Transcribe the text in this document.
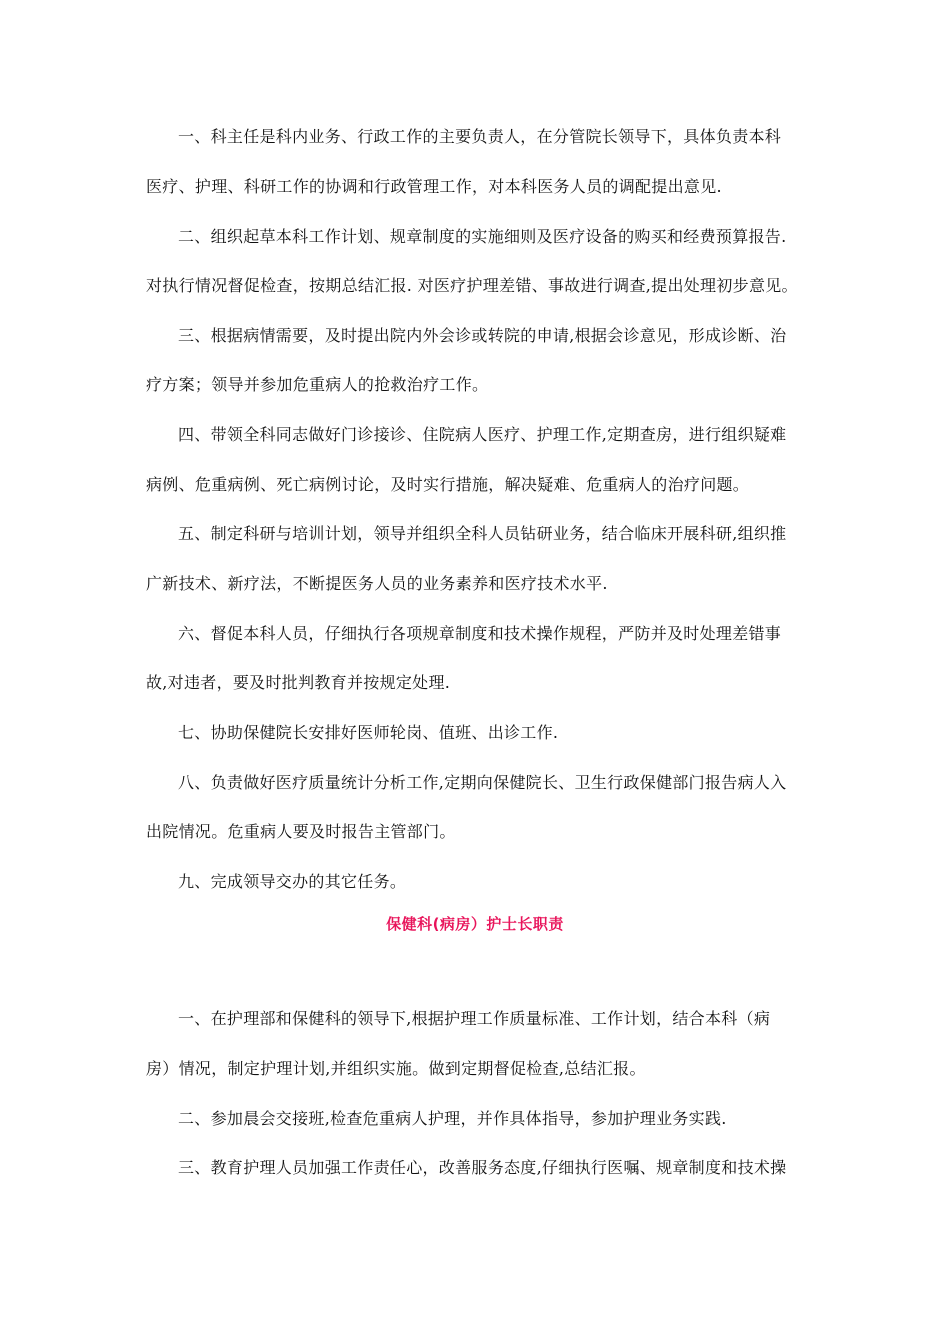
一、科主任是科内业务、行政工作的主要负责人，在分管院长领导下，具体负责本科
医疗、护理、科研工作的协调和行政管理工作，对本科医务人员的调配提出意见.
二、组织起草本科工作计划、规章制度的实施细则及医疗设备的购买和经费预算报告.
对执行情况督促检查，按期总结汇报. 对医疗护理差错、事故进行调查,提出处理初步意见。
三、根据病情需要，及时提出院内外会诊或转院的申请,根据会诊意见，形成诊断、治
疗方案；领导并参加危重病人的抢救治疗工作。
四、带领全科同志做好门诊接诊、住院病人医疗、护理工作,定期查房，进行组织疑难
病例、危重病例、死亡病例讨论，及时实行措施，解决疑难、危重病人的治疗问题。
五、制定科研与培训计划，领导并组织全科人员钻研业务，结合临床开展科研,组织推
广新技术、新疗法，不断提医务人员的业务素养和医疗技术水平.
六、督促本科人员，仔细执行各项规章制度和技术操作规程，严防并及时处理差错事
故,对违者，要及时批判教育并按规定处理.
七、协助保健院长安排好医师轮岗、值班、出诊工作.
八、负责做好医疗质量统计分析工作,定期向保健院长、卫生行政保健部门报告病人入
出院情况。危重病人要及时报告主管部门。
九、完成领导交办的其它任务。
保健科(病房）护士长职责
一、在护理部和保健科的领导下,根据护理工作质量标准、工作计划，结合本科（病
房）情况，制定护理计划,并组织实施。做到定期督促检查,总结汇报。
二、参加晨会交接班,检查危重病人护理，并作具体指导，参加护理业务实践.
三、教育护理人员加强工作责任心，改善服务态度,仔细执行医嘱、规章制度和技术操
